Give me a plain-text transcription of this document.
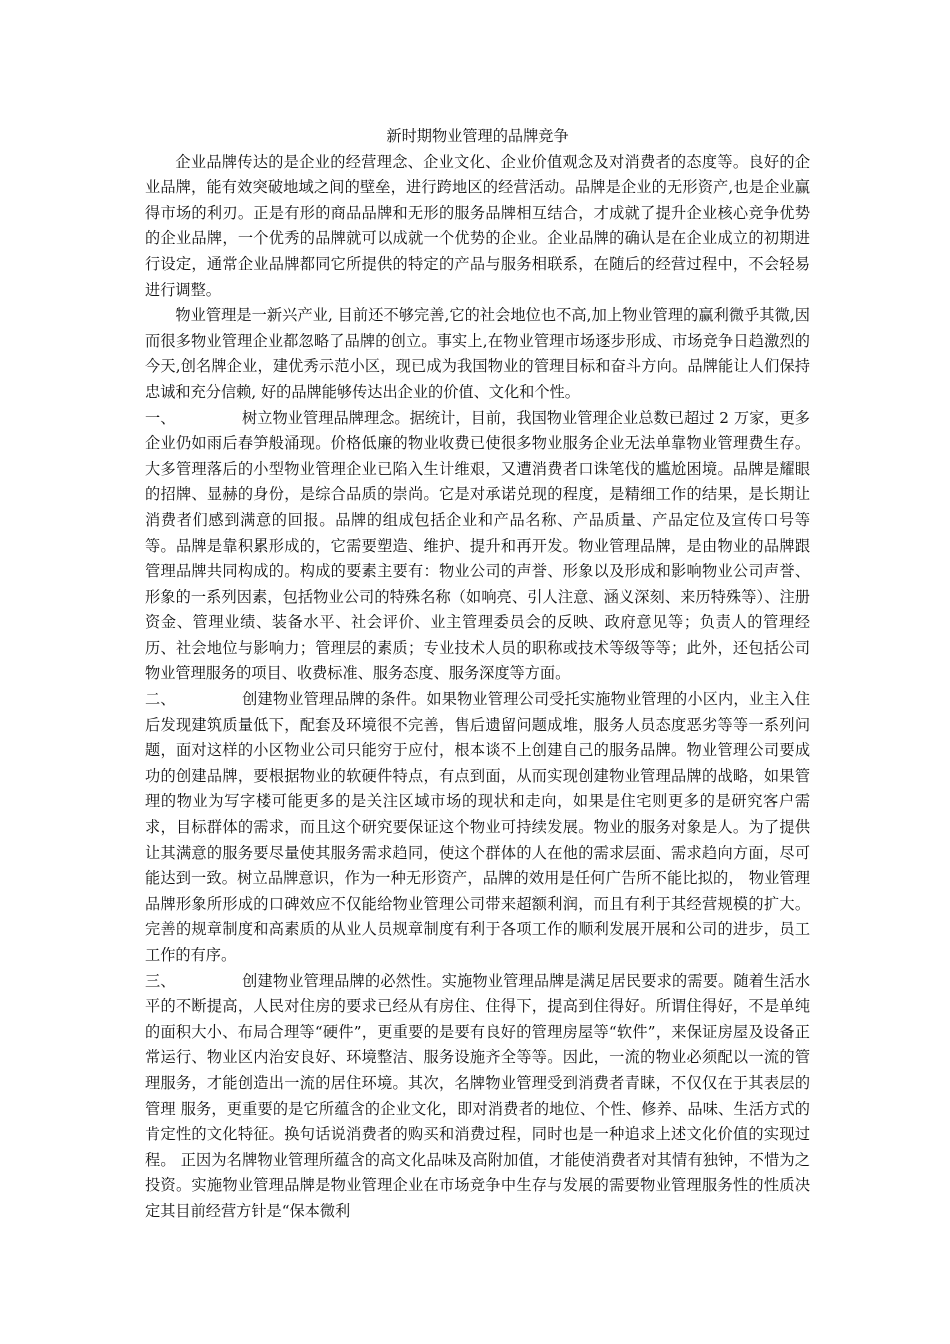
新时期物业管理的品牌竞争

企业品牌传达的是企业的经营理念、企业文化、企业价值观念及对消费者的态度等。良好的企业品牌，能有效突破地域之间的壁垒，进行跨地区的经营活动。品牌是企业的无形资产,也是企业赢得市场的利刃。正是有形的商品品牌和无形的服务品牌相互结合，才成就了提升企业核心竞争优势的企业品牌，一个优秀的品牌就可以成就一个优势的企业。企业品牌的确认是在企业成立的初期进行设定，通常企业品牌都同它所提供的特定的产品与服务相联系，在随后的经营过程中，不会轻易进行调整。

物业管理是一新兴产业, 目前还不够完善,它的社会地位也不高,加上物业管理的赢利微乎其微,因而很多物业管理企业都忽略了品牌的创立。事实上,在物业管理市场逐步形成、市场竞争日趋激烈的今天,创名牌企业，建优秀示范小区，现已成为我国物业的管理目标和奋斗方向。品牌能让人们保持忠诚和充分信赖, 好的品牌能够传达出企业的价值、文化和个性。

一、	树立物业管理品牌理念。据统计，目前，我国物业管理企业总数已超过 2 万家，更多企业仍如雨后春笋般涌现。价格低廉的物业收费已使很多物业服务企业无法单靠物业管理费生存。大多管理落后的小型物业管理企业已陷入生计维艰，又遭消费者口诛笔伐的尴尬困境。品牌是耀眼的招牌、显赫的身份，是综合品质的崇尚。它是对承诺兑现的程度，是精细工作的结果，是长期让消费者们感到满意的回报。品牌的组成包括企业和产品名称、产品质量、产品定位及宣传口号等等。品牌是靠积累形成的，它需要塑造、维护、提升和再开发。物业管理品牌，是由物业的品牌跟管理品牌共同构成的。构成的要素主要有：物业公司的声誉、形象以及形成和影响物业公司声誉、形象的一系列因素，包括物业公司的特殊名称（如响亮、引人注意、涵义深刻、来历特殊等）、注册资金、管理业绩、装备水平、社会评价、业主管理委员会的反映、政府意见等；负责人的管理经历、社会地位与影响力；管理层的素质；专业技术人员的职称或技术等级等等；此外，还包括公司物业管理服务的项目、收费标准、服务态度、服务深度等方面。

二、	创建物业管理品牌的条件。如果物业管理公司受托实施物业管理的小区内，业主入住后发现建筑质量低下，配套及环境很不完善，售后遗留问题成堆，服务人员态度恶劣等等一系列问题，面对这样的小区物业公司只能穷于应付，根本谈不上创建自己的服务品牌。物业管理公司要成功的创建品牌，要根据物业的软硬件特点，有点到面，从而实现创建物业管理品牌的战略，如果管理的物业为写字楼可能更多的是关注区域市场的现状和走向，如果是住宅则更多的是研究客户需求，目标群体的需求，而且这个研究要保证这个物业可持续发展。物业的服务对象是人。为了提供让其满意的服务要尽量使其服务需求趋同，使这个群体的人在他的需求层面、需求趋向方面，尽可能达到一致。树立品牌意识，作为一种无形资产，品牌的效用是任何广告所不能比拟的， 物业管理品牌形象所形成的口碑效应不仅能给物业管理公司带来超额利润，而且有利于其经营规模的扩大。完善的规章制度和高素质的从业人员规章制度有利于各项工作的顺利发展开展和公司的进步，员工工作的有序。

三、	创建物业管理品牌的必然性。实施物业管理品牌是满足居民要求的需要。随着生活水平的不断提高，人民对住房的要求已经从有房住、住得下，提高到住得好。所谓住得好，不是单纯的面积大小、布局合理等“硬件”，更重要的是要有良好的管理房屋等“软件”，来保证房屋及设备正常运行、物业区内治安良好、环境整洁、服务设施齐全等等。因此，一流的物业必须配以一流的管理服务，才能创造出一流的居住环境。其次，名牌物业管理受到消费者青睐，不仅仅在于其表层的管理 服务，更重要的是它所蕴含的企业文化，即对消费者的地位、个性、修养、品味、生活方式的 肯定性的文化特征。换句话说消费者的购买和消费过程，同时也是一种追求上述文化价值的实现过程。 正因为名牌物业管理所蕴含的高文化品味及高附加值，才能使消费者对其情有独钟，不惜为之投资。实施物业管理品牌是物业管理企业在市场竞争中生存与发展的需要物业管理服务性的性质决定其目前经营方针是“保本微利
